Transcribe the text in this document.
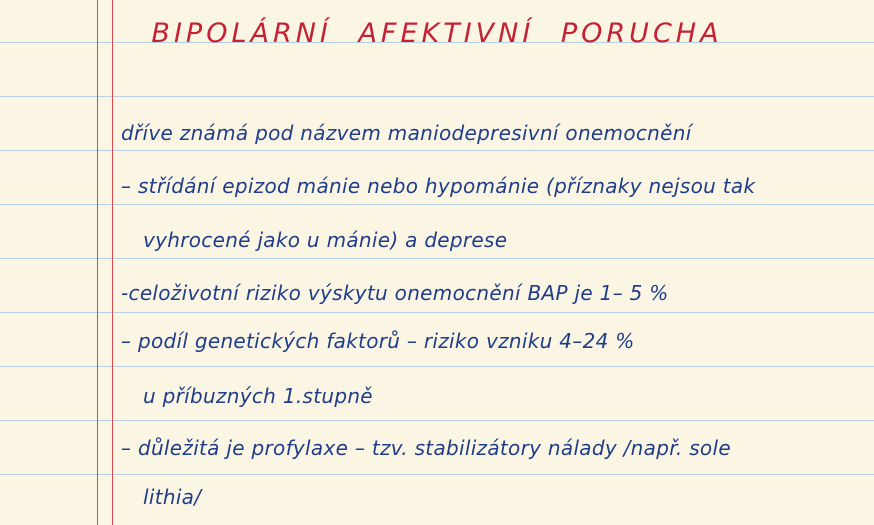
BIPOLÁRNÍ AFEKTIVNÍ PORUCHA
dříve známá pod názvem maniodepresivní onemocnění
– střídání epizod mánie nebo hypománie (příznaky nejsou tak
vyhrocené jako u mánie) a deprese
-celoživotní riziko výskytu onemocnění BAP je 1– 5 %
– podíl genetických faktorů – riziko vzniku 4–24 %
u příbuzných 1.stupně
– důležitá je profylaxe – tzv. stabilizátory nálady /např. sole
lithia/
